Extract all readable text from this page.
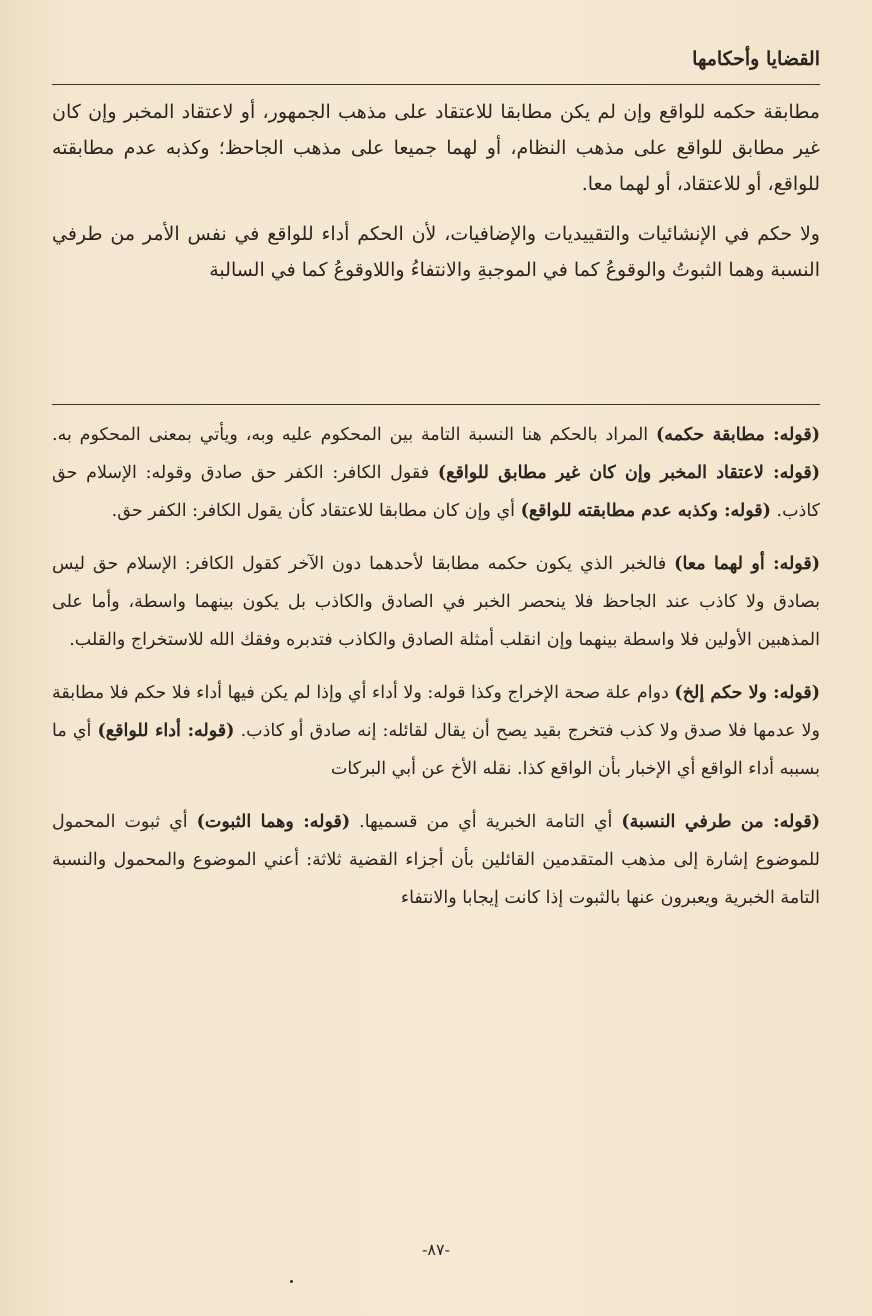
القضايا وأحكامها

مطابقة حكمه للواقع وإن لم يكن مطابقا للاعتقاد على مذهب الجمهور، أو لاعتقاد المخبر وإن كان غير مطابق للواقع على مذهب النظام، أو لهما جميعا على مذهب الجاحظ؛ وكذبه عدم مطابقته للواقع، أو للاعتقاد، أو لهما معا.

ولا حكم في الإنشائيات والتقييديات والإضافيات، لأن الحكم أداء للواقع في نفس الأمر من طرفي النسبة وهما الثبوتُ والوقوعُ كما في الموجبةِ والانتفاءُ واللاوقوعُ كما في السالبة

(قوله: مطابقة حكمه) المراد بالحكم هنا النسبة التامة بين المحكوم عليه وبه، ويأتي بمعنى المحكوم به. (قوله: لاعتقاد المخبر وإن كان غير مطابق للواقع) فقول الكافر: الكفر حق صادق وقوله: الإسلام حق كاذب. (قوله: وكذبه عدم مطابقته للواقع) أي وإن كان مطابقا للاعتقاد كأن يقول الكافر: الكفر حق.

(قوله: أو لهما معا) فالخبر الذي يكون حكمه مطابقا لأحدهما دون الآخر كقول الكافر: الإسلام حق ليس بصادق ولا كاذب عند الجاحظ فلا ينحصر الخبر في الصادق والكاذب بل يكون بينهما واسطة، وأما على المذهبين الأولين فلا واسطة بينهما وإن انقلب أمثلة الصادق والكاذب فتدبره وفقك الله للاستخراج والقلب.

(قوله: ولا حكم إلخ) دوام علة صحة الإخراج وكذا قوله: ولا أداء أي وإذا لم يكن فيها أداء فلا حكم فلا مطابقة ولا عدمها فلا صدق ولا كذب فتخرج بقيد يصح أن يقال لقائله: إنه صادق أو كاذب. (قوله: أداء للواقع) أي ما بسببه أداء الواقع أي الإخبار بأن الواقع كذا. نقله الأخ عن أبي البركات

(قوله: من طرفي النسبة) أي التامة الخبرية أي من قسميها. (قوله: وهما الثبوت) أي ثبوت المحمول للموضوع إشارة إلى مذهب المتقدمين القائلين بأن أجزاء القضية ثلاثة: أعني الموضوع والمحمول والنسبة التامة الخبرية ويعبرون عنها بالثبوت إذا كانت إيجابا والانتفاء

-٨٧-
